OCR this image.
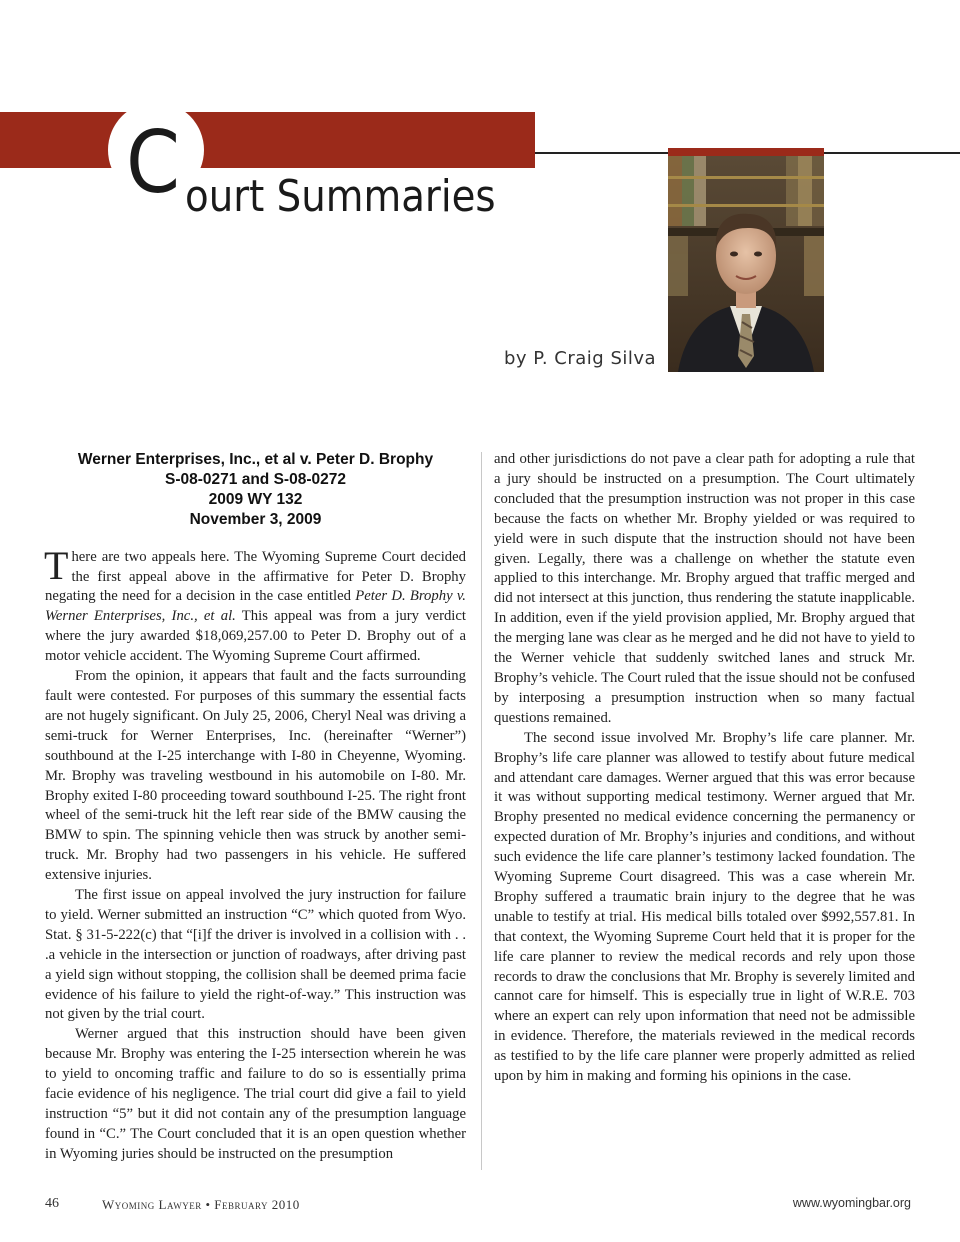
C ourt Summaries
by P. Craig Silva
Werner Enterprises, Inc., et al v. Peter D. Brophy
S-08-0271 and S-08-0272
2009 WY 132
November 3, 2009

There are two appeals here. The Wyoming Supreme Court decided the first appeal above in the affirmative for Peter D. Brophy negating the need for a decision in the case entitled Peter D. Brophy v. Werner Enterprises, Inc., et al. This appeal was from a jury verdict where the jury awarded $18,069,257.00 to Peter D. Brophy out of a motor vehicle accident. The Wyoming Supreme Court affirmed.

From the opinion, it appears that fault and the facts surrounding fault were contested. For purposes of this summary the essential facts are not hugely significant. On July 25, 2006, Cheryl Neal was driving a semi-truck for Werner Enterprises, Inc. (hereinafter “Werner”) southbound at the I-25 interchange with I-80 in Cheyenne, Wyoming. Mr. Brophy was traveling westbound in his automobile on I-80. Mr. Brophy exited I-80 proceeding toward southbound I-25. The right front wheel of the semi-truck hit the left rear side of the BMW causing the BMW to spin. The spinning vehicle then was struck by another semi-truck. Mr. Brophy had two passengers in his vehicle. He suffered extensive injuries.

The first issue on appeal involved the jury instruction for failure to yield. Werner submitted an instruction “C” which quoted from Wyo. Stat. § 31-5-222(c) that “[i]f the driver is involved in a collision with . . .a vehicle in the intersection or junction of roadways, after driving past a yield sign without stopping, the collision shall be deemed prima facie evidence of his failure to yield the right-of-way.” This instruction was not given by the trial court.

Werner argued that this instruction should have been given because Mr. Brophy was entering the I-25 intersection wherein he was to yield to oncoming traffic and failure to do so is essentially prima facie evidence of his negligence. The trial court did give a fail to yield instruction “5” but it did not contain any of the presumption language found in “C.” The Court concluded that it is an open question whether in Wyoming juries should be instructed on the presumption

and other jurisdictions do not pave a clear path for adopting a rule that a jury should be instructed on a presumption. The Court ultimately concluded that the presumption instruction was not proper in this case because the facts on whether Mr. Brophy yielded or was required to yield were in such dispute that the instruction should not have been given. Legally, there was a challenge on whether the statute even applied to this interchange. Mr. Brophy argued that traffic merged and did not intersect at this junction, thus rendering the statute inapplicable. In addition, even if the yield provision applied, Mr. Brophy argued that the merging lane was clear as he merged and he did not have to yield to the Werner vehicle that suddenly switched lanes and struck Mr. Brophy’s vehicle. The Court ruled that the issue should not be confused by interposing a presumption instruction when so many factual questions remained.

The second issue involved Mr. Brophy’s life care planner. Mr. Brophy’s life care planner was allowed to testify about future medical and attendant care damages. Werner argued that this was error because it was without supporting medical testimony. Werner argued that Mr. Brophy presented no medical evidence concerning the permanency or expected duration of Mr. Brophy’s injuries and conditions, and without such evidence the life care planner’s testimony lacked foundation. The Wyoming Supreme Court disagreed. This was a case wherein Mr. Brophy suffered a traumatic brain injury to the degree that he was unable to testify at trial. His medical bills totaled over $992,557.81. In that context, the Wyoming Supreme Court held that it is proper for the life care planner to review the medical records and rely upon those records to draw the conclusions that Mr. Brophy is severely limited and cannot care for himself. This is especially true in light of W.R.E. 703 where an expert can rely upon information that need not be admissible in evidence. Therefore, the materials reviewed in the medical records as testified to by the life care planner were properly admitted as relied upon by him in making and forming his opinions in the case.

46	Wyoming Lawyer • February 2010	www.wyomingbar.org
